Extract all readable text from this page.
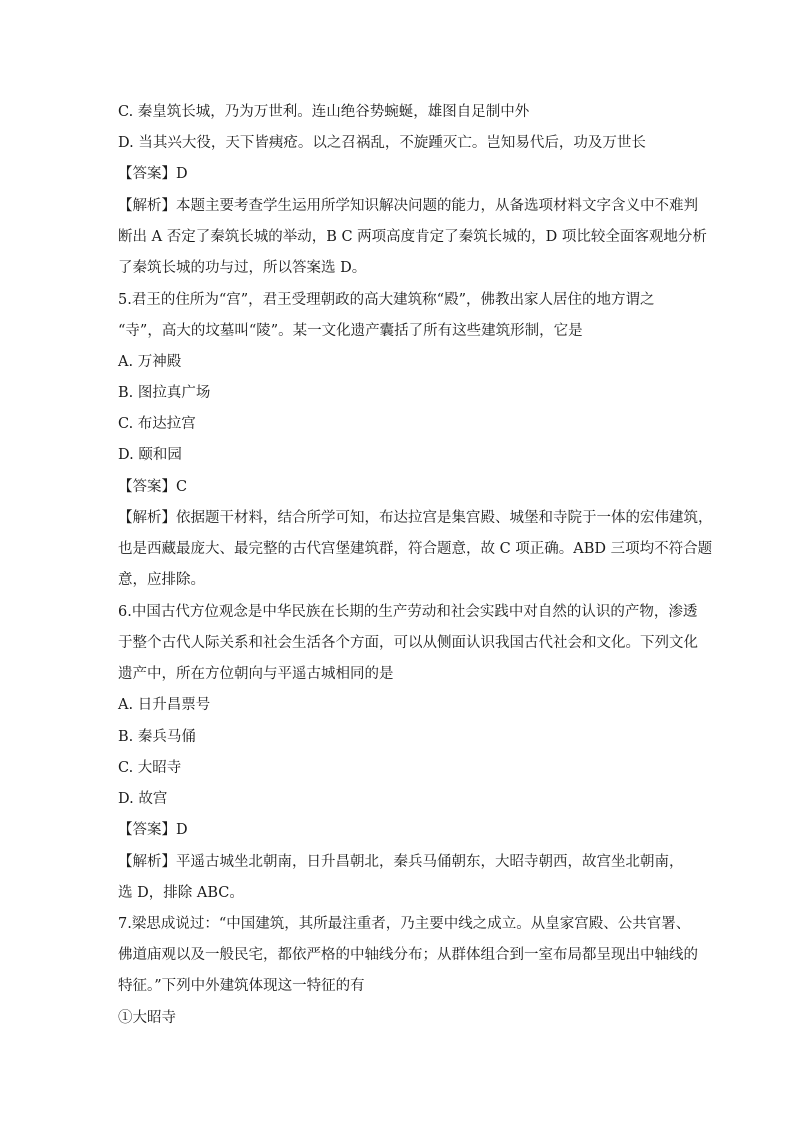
C. 秦皇筑长城，乃为万世利。连山绝谷势蜿蜒，雄图自足制中外
D. 当其兴大役，天下皆痍疮。以之召祸乱，不旋踵灭亡。岂知易代后，功及万世长
【答案】D
【解析】本题主要考查学生运用所学知识解决问题的能力，从备选项材料文字含义中不难判
断出 A 否定了秦筑长城的举动，B C 两项高度肯定了秦筑长城的，D 项比较全面客观地分析
了秦筑长城的功与过，所以答案选 D。
5.君王的住所为“宫”，君王受理朝政的高大建筑称“殿”，佛教出家人居住的地方谓之
“寺”，高大的坟墓叫“陵”。某一文化遗产囊括了所有这些建筑形制，它是
A. 万神殿
B. 图拉真广场
C. 布达拉宫
D. 颐和园
【答案】C
【解析】依据题干材料，结合所学可知，布达拉宫是集宫殿、城堡和寺院于一体的宏伟建筑，
也是西藏最庞大、最完整的古代宫堡建筑群，符合题意，故 C 项正确。ABD 三项均不符合题
意，应排除。
6.中国古代方位观念是中华民族在长期的生产劳动和社会实践中对自然的认识的产物，渗透
于整个古代人际关系和社会生活各个方面，可以从侧面认识我国古代社会和文化。下列文化
遗产中，所在方位朝向与平遥古城相同的是
A. 日升昌票号
B. 秦兵马俑
C. 大昭寺
D. 故宫
【答案】D
【解析】平遥古城坐北朝南，日升昌朝北，秦兵马俑朝东，大昭寺朝西，故宫坐北朝南，
选 D，排除 ABC。
7.梁思成说过：“中国建筑，其所最注重者，乃主要中线之成立。从皇家宫殿、公共官署、
佛道庙观以及一般民宅，都依严格的中轴线分布；从群体组合到一室布局都呈现出中轴线的
特征。”下列中外建筑体现这一特征的有
①大昭寺
